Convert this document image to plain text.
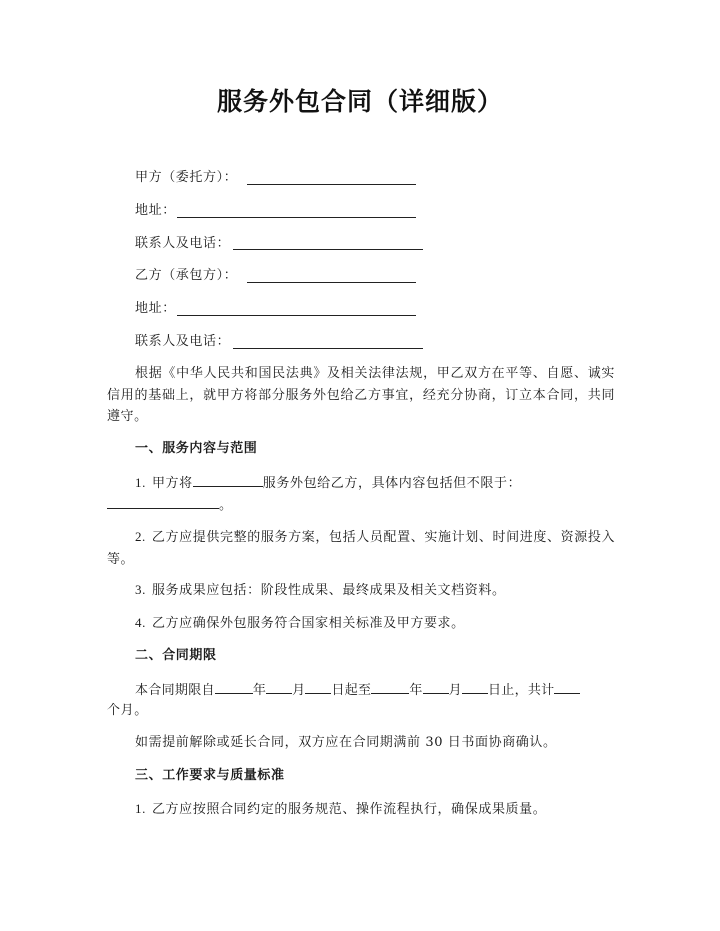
服务外包合同（详细版）
甲方（委托方）：
地址：
联系人及电话：
乙方（承包方）：
地址：
联系人及电话：
根据《中华人民共和国民法典》及相关法律法规，甲乙双方在平等、自愿、诚实信用的基础上，就甲方将部分服务外包给乙方事宜，经充分协商，订立本合同，共同遵守。
一、服务内容与范围
1. 甲方将	服务外包给乙方，具体内容包括但不限于：
。
2. 乙方应提供完整的服务方案，包括人员配置、实施计划、时间进度、资源投入等。
3. 服务成果应包括：阶段性成果、最终成果及相关文档资料。
4. 乙方应确保外包服务符合国家相关标准及甲方要求。
二、合同期限
本合同期限自	年 月 日起至	年 月 日止，共计
个月。
如需提前解除或延长合同，双方应在合同期满前 30 日书面协商确认。
三、工作要求与质量标准
1. 乙方应按照合同约定的服务规范、操作流程执行，确保成果质量。
